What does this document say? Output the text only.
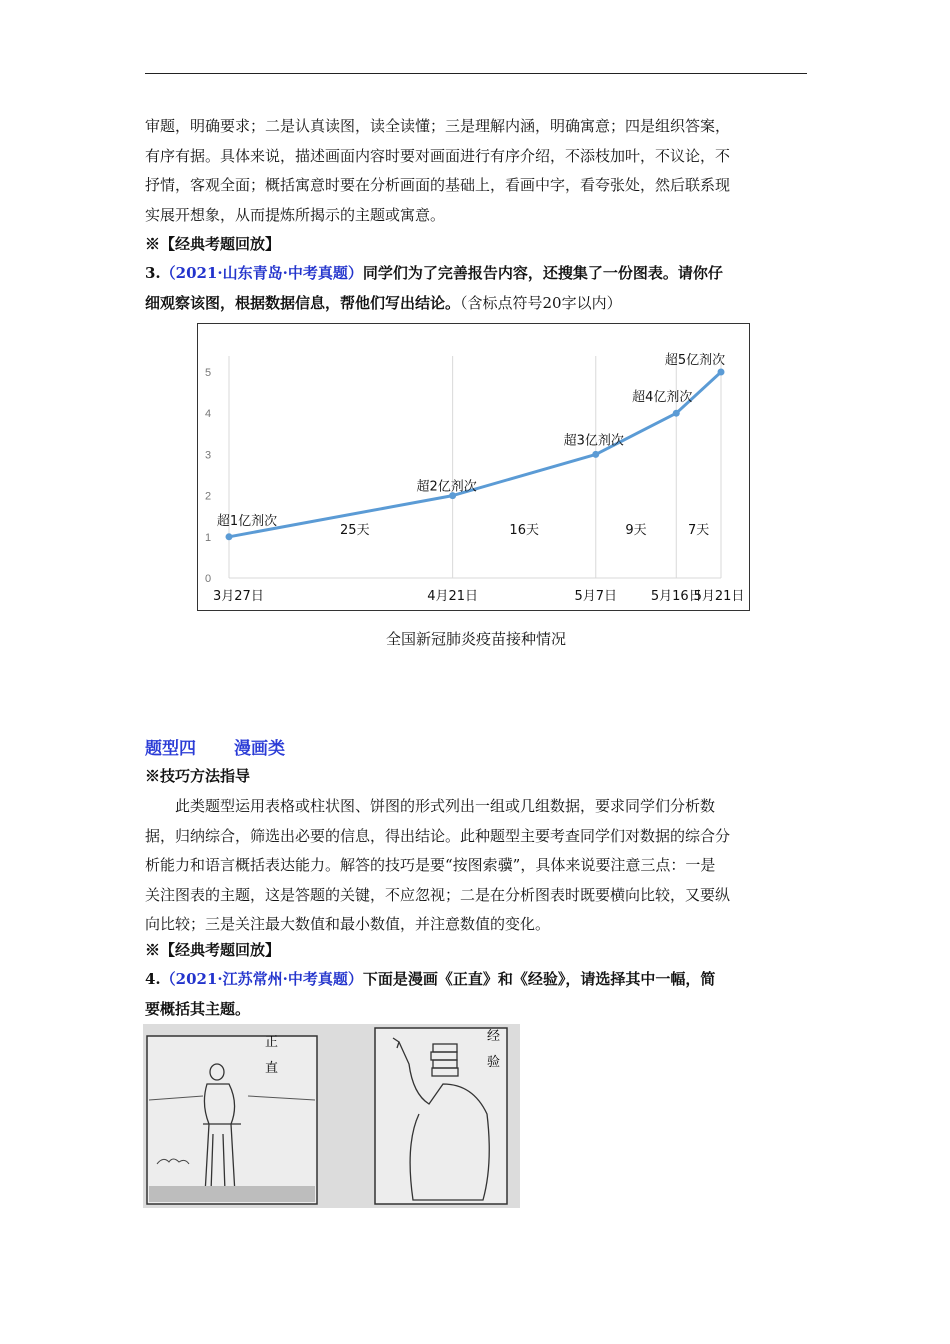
审题，明确要求；二是认真读图，读全读懂；三是理解内涵，明确寓意；四是组织答案，
有序有据。具体来说，描述画面内容时要对画面进行有序介绍，不添枝加叶，不议论，不
抒情，客观全面；概括寓意时要在分析画面的基础上，看画中字，看夸张处，然后联系现
实展开想象，从而提炼所揭示的主题或寓意。
※【经典考题回放】
3.（2021·山东青岛·中考真题）同学们为了完善报告内容，还搜集了一份图表。请你仔
细观察该图，根据数据信息，帮他们写出结论。（含标点符号20字以内）
0
1
2
3
4
5
3月27日	4月21日	5月7日	5月16日
5月21日
超1亿剂次
超2亿剂次
超3亿剂次
超4亿剂次
超5亿剂次
25天	16天	9天	7天
全国新冠肺炎疫苗接种情况
题型四 漫画类
※技巧方法指导
此类题型运用表格或柱状图、饼图的形式列出一组或几组数据，要求同学们分析数
据，归纳综合，筛选出必要的信息，得出结论。此种题型主要考查同学们对数据的综合分
析能力和语言概括表达能力。解答的技巧是要“按图索骥”，具体来说要注意三点：一是
关注图表的主题，这是答题的关键，不应忽视；二是在分析图表时既要横向比较，又要纵
向比较；三是关注最大数值和最小数值，并注意数值的变化。
※【经典考题回放】
4.（2021·江苏常州·中考真题）下面是漫画《正直》和《经验》，请选择其中一幅，简
要概括其主题。
正
直
经
验
